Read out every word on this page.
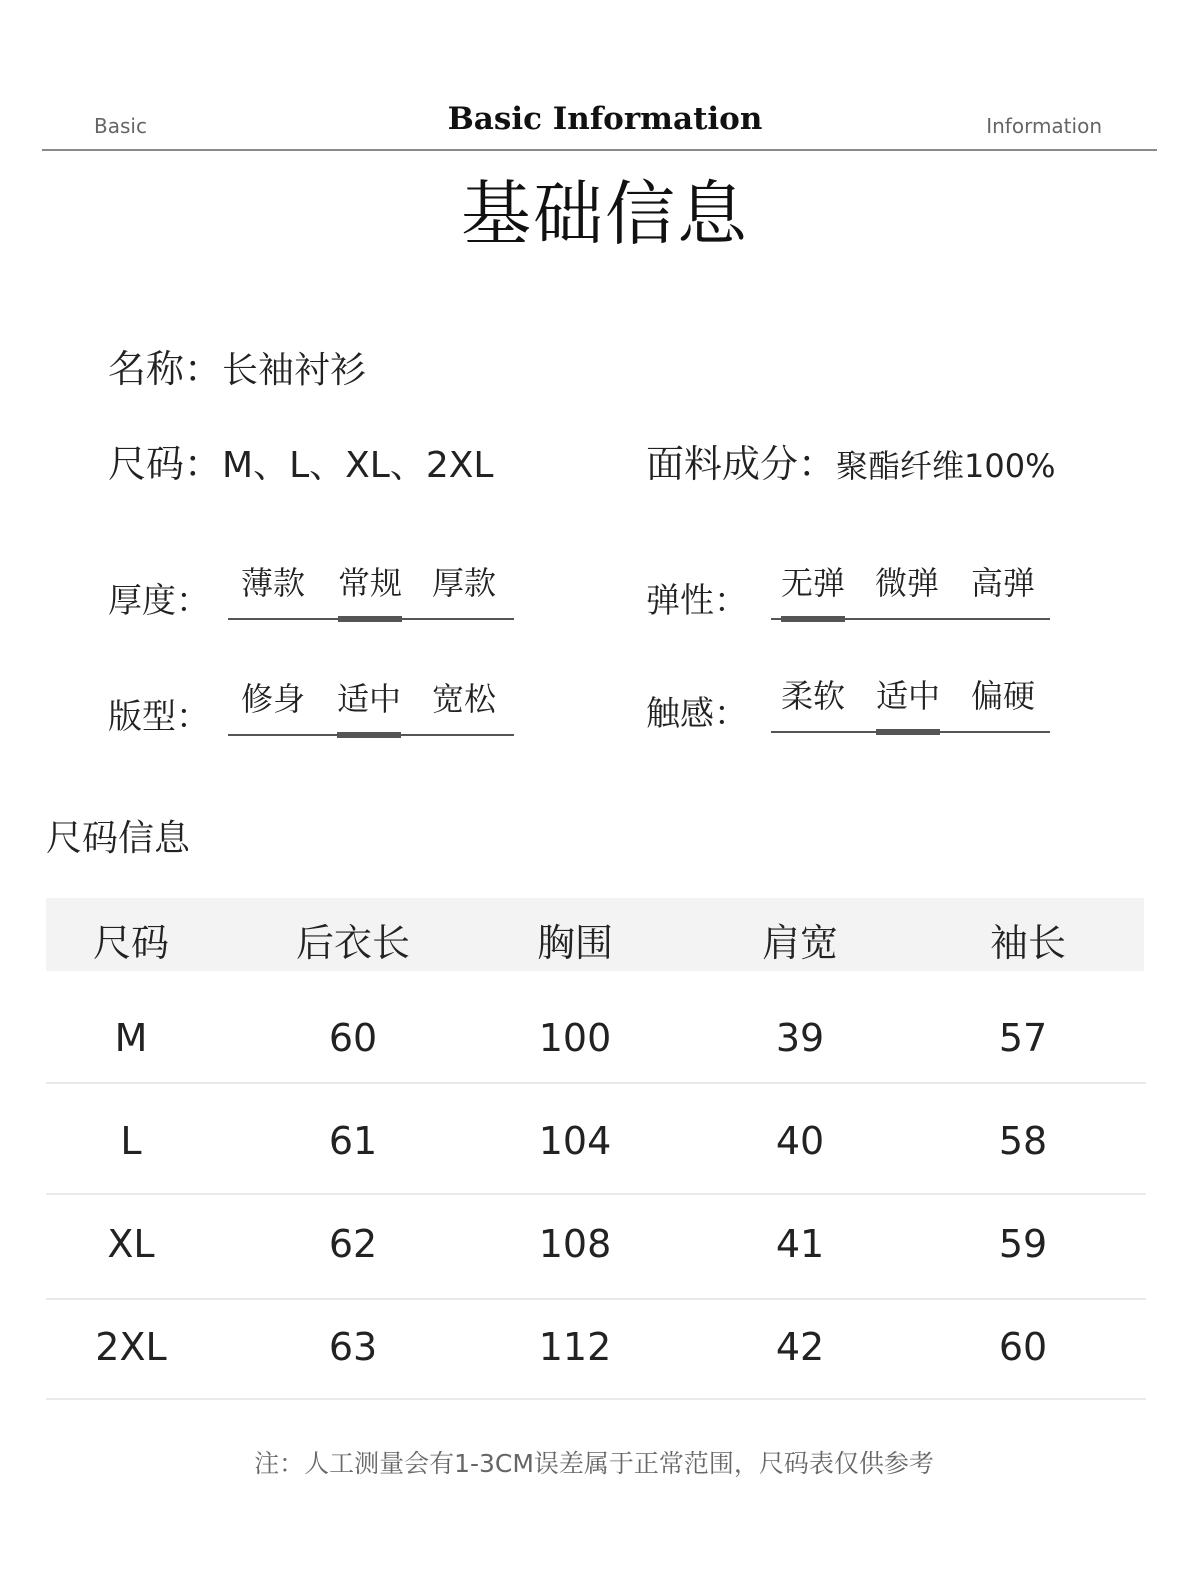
Basic	Basic Information	Information
基础信息
名称：长袖衬衫
尺码：M、L、XL、2XL	面料成分：聚酯纤维100%
厚度： 薄款 常规 厚款	弹性： 无弹 微弹 高弹
版型： 修身 适中 宽松	触感： 柔软 适中 偏硬
尺码信息
尺码	后衣长	胸围	肩宽	袖长
M	60	100	39	57
L	61	104	40	58
XL	62	108	41	59
2XL	63	112	42	60
注：人工测量会有1-3CM误差属于正常范围，尺码表仅供参考
